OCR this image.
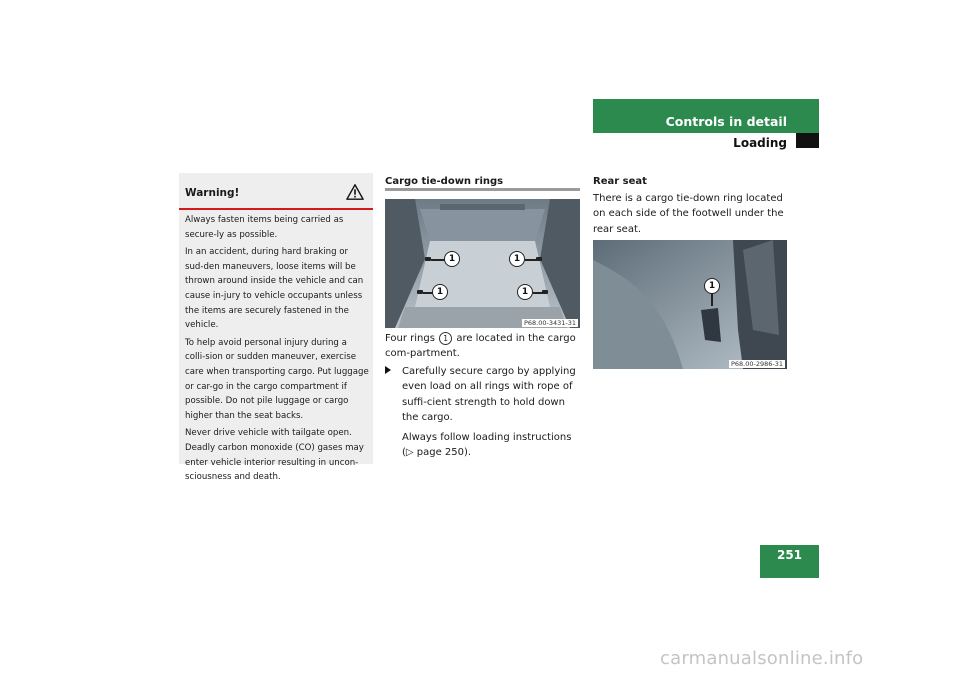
Controls in detail
Loading
Warning!

Always fasten items being carried as secure-ly as possible.

In an accident, during hard braking or sud-den maneuvers, loose items will be thrown around inside the vehicle and can cause in-jury to vehicle occupants unless the items are securely fastened in the vehicle.

To help avoid personal injury during a colli-sion or sudden maneuver, exercise care when transporting cargo. Put luggage or car-go in the cargo compartment if possible. Do not pile luggage or cargo higher than the seat backs.

Never drive vehicle with tailgate open. Deadly carbon monoxide (CO) gases may enter vehicle interior resulting in uncon-sciousness and death.

Cargo tie-down rings
1	1
1	1
P68.00-3431-31
Four rings 1 are located in the cargo com-partment.

Carefully secure cargo by applying even load on all rings with rope of suffi-cient strength to hold down the cargo.

Always follow loading instructions

(▷ page 250).

Rear seat
There is a cargo tie-down ring located on each side of the footwell under the rear seat.
1
P68.00-2986-31
251
carmanualsonline.info
